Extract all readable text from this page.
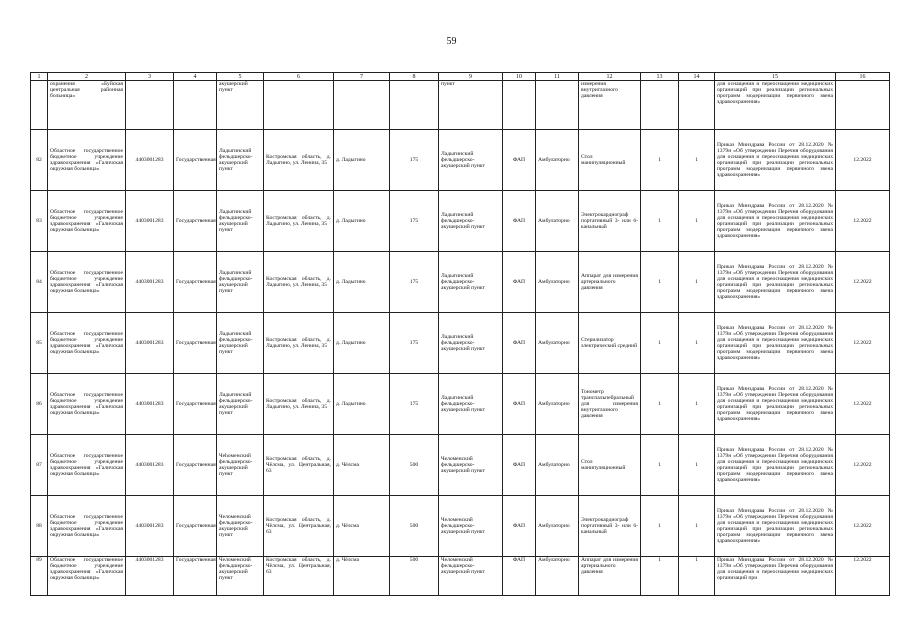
59
1	2	3	4	5	6	7	8	9	10	11	12	13	14	15	16
	охранения «Буйская центральная районная больница»			акушерский пункт				пункт			измерения внутриглазного давления			для оснащения и переоснащения медицинских организаций при реализации региональных программ модернизации первичного звена здравоохранения»	
82	Областное государственное бюджетное учреждение здравоохранения «Галичская окружная больница»	4403001283	Государственная	Ладыгинский фельдшерско-акушерский пункт	Костромская область, д. Ладыгино, ул. Ленина, 35	д. Ладыгино	175	Ладыгинский фельдшерско-акушерский пункт	ФАП	Амбулаторно	Стол манипуляционный	1	1	Приказ Минздрава России от 28.12.2020 № 1379н «Об утверждении Перечня оборудования для оснащения и переоснащения медицинских организаций при реализации региональных программ модернизации первичного звена здравоохранения»	12.2022
83	Областное государственное бюджетное учреждение здравоохранения «Галичская окружная больница»	4403001283	Государственная	Ладыгинский фельдшерско-акушерский пункт	Костромская область, д. Ладыгино, ул. Ленина, 35	д. Ладыгино	175	Ладыгинский фельдшерско-акушерский пункт	ФАП	Амбулаторно	Электрокардиограф портативный 3- или 6-канальный	1	1	Приказ Минздрава России от 28.12.2020 № 1379н «Об утверждении Перечня оборудования для оснащения и переоснащения медицинских организаций при реализации региональных программ модернизации первичного звена здравоохранения»	12.2022
84	Областное государственное бюджетное учреждение здравоохранения «Галичская окружная больница»	4403001283	Государственная	Ладыгинский фельдшерско-акушерский пункт	Костромская область, д. Ладыгино, ул. Ленина, 35	д. Ладыгино	175	Ладыгинский фельдшерско-акушерский пункт	ФАП	Амбулаторно	Аппарат для измерения артериального давления	1	1	Приказ Минздрава России от 28.12.2020 № 1379н «Об утверждении Перечня оборудования для оснащения и переоснащения медицинских организаций при реализации региональных программ модернизации первичного звена здравоохранения»	12.2022
85	Областное государственное бюджетное учреждение здравоохранения «Галичская окружная больница»	4403001283	Государственная	Ладыгинский фельдшерско-акушерский пункт	Костромская область, д. Ладыгино, ул. Ленина, 35	д. Ладыгино	175	Ладыгинский фельдшерско-акушерский пункт	ФАП	Амбулаторно	Стерилизатор электрический средний	1	1	Приказ Минздрава России от 28.12.2020 № 1379н «Об утверждении Перечня оборудования для оснащения и переоснащения медицинских организаций при реализации региональных программ модернизации первичного звена здравоохранения»	12.2022
86	Областное государственное бюджетное учреждение здравоохранения «Галичская окружная больница»	4403001283	Государственная	Ладыгинский фельдшерско-акушерский пункт	Костромская область, д. Ладыгино, ул. Ленина, 35	д. Ладыгино	175	Ладыгинский фельдшерско-акушерский пункт	ФАП	Амбулаторно	Тонометр транспальпебральный для измерения внутриглазного давления	1	1	Приказ Минздрава России от 28.12.2020 № 1379н «Об утверждении Перечня оборудования для оснащения и переоснащения медицинских организаций при реализации региональных программ модернизации первичного звена здравоохранения»	12.2022
87	Областное государственное бюджетное учреждение здравоохранения «Галичская окружная больница»	4403001283	Государственная	Чеһоменский фельдшерско-акушерский пункт	Костромская область, д. Чёлсма, ул. Центральная, 63	д. Чёлсма	500	Челоменский фельдшерско-акушерский пункт	ФАП	Амбулаторно	Стол манипуляционный	1	1	Приказ Минздрава России от 28.12.2020 № 1379н «Об утверждении Перечня оборудования для оснащения и переоснащения медицинских организаций при реализации региональных программ модернизации первичного звена здравоохранения»	12.2022
88	Областное государственное бюджетное учреждение здравоохранения «Галичская окружная больница»	4403001283	Государственная	Челоменский фельдшерско-акушерский пункт	Костромская область, д. Чёлсма, ул. Центральная, 63	д. Чёлсма	500	Челоменский фельдшерско-акушерский пункт	ФАП	Амбулаторно	Электрокардиограф портативный 3- или 6-канальный	1	1	Приказ Минздрава России от 28.12.2020 № 1379н «Об утверждении Перечня оборудования для оснащения и переоснащения медицинских организаций при реализации региональных программ модернизации первичного звена здравоохранения»	12.2022
89	Областное государственное бюджетное учреждение здравоохранения «Галичская окружная больница»	4403001283	Государственная	Челоменский фельдшерско-акушерский пункт	Костромская область, д. Чёлсма, ул. Центральная, 63	д. Чёлсма	500	Челоменский фельдшерско-акушерский пункт	ФАП	Амбулаторно	Аппарат для измерения артериального давления	1	1	Приказ Минздрава России от 28.12.2020 № 1379н «Об утверждении Перечня оборудования для оснащения и переоснащения медицинских организаций при	12.2022
